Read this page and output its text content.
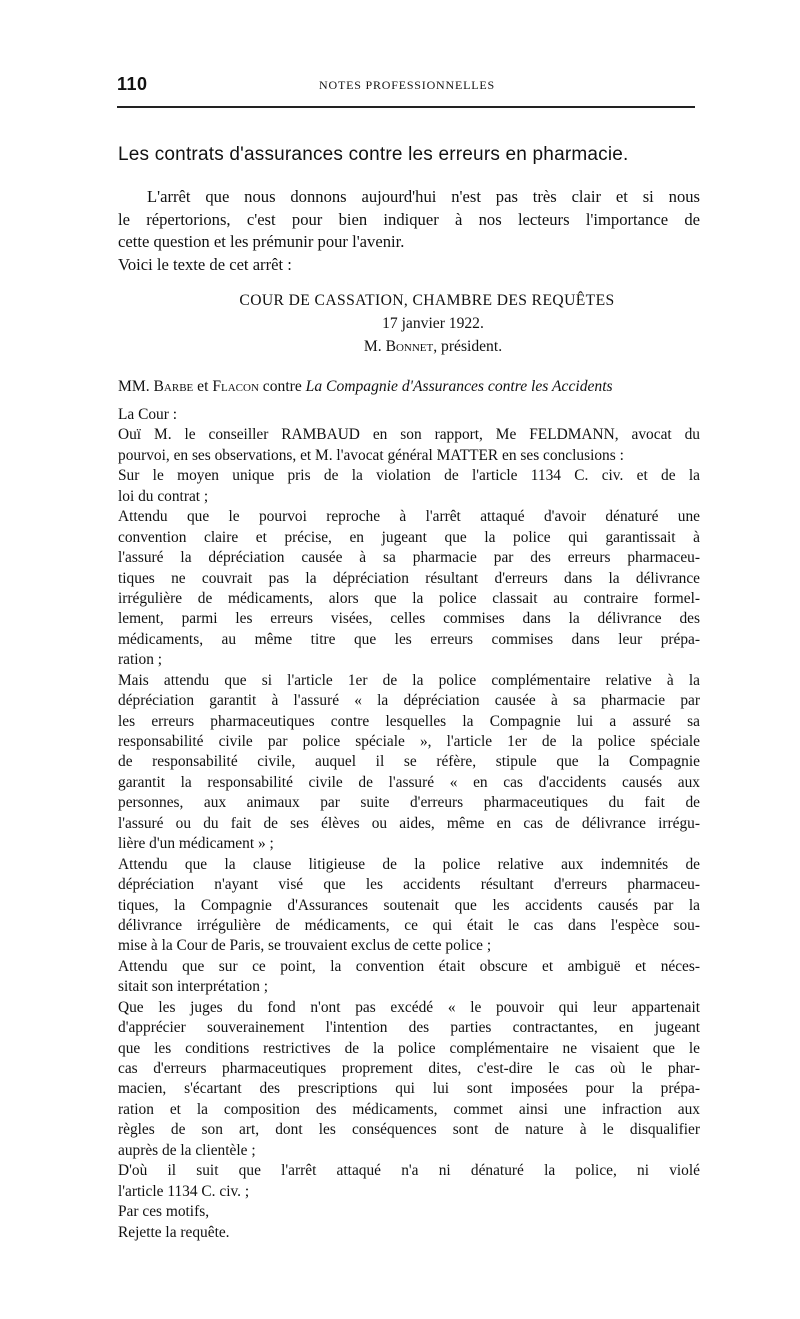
110	NOTES PROFESSIONNELLES
Les contrats d'assurances contre les erreurs en pharmacie.
L'arrêt que nous donnons aujourd'hui n'est pas très clair et si nous
le répertorions, c'est pour bien indiquer à nos lecteurs l'importance de
cette question et les prémunir pour l'avenir.
Voici le texte de cet arrêt :
COUR DE CASSATION, CHAMBRE DES REQUÊTES
17 janvier 1922.
M. Bonnet, président.
MM. Barbe et Flacon contre La Compagnie d'Assurances contre les Accidents
La Cour :
Ouï M. le conseiller RAMBAUD en son rapport, Me FELDMANN, avocat du
pourvoi, en ses observations, et M. l'avocat général MATTER en ses conclusions :
Sur le moyen unique pris de la violation de l'article 1134 C. civ. et de la
loi du contrat ;
Attendu que le pourvoi reproche à l'arrêt attaqué d'avoir dénaturé une
convention claire et précise, en jugeant que la police qui garantissait à
l'assuré la dépréciation causée à sa pharmacie par des erreurs pharmaceu-
tiques ne couvrait pas la dépréciation résultant d'erreurs dans la délivrance
irrégulière de médicaments, alors que la police classait au contraire formel-
lement, parmi les erreurs visées, celles commises dans la délivrance des
médicaments, au même titre que les erreurs commises dans leur prépa-
ration ;
Mais attendu que si l'article 1er de la police complémentaire relative à la
dépréciation garantit à l'assuré « la dépréciation causée à sa pharmacie par
les erreurs pharmaceutiques contre lesquelles la Compagnie lui a assuré sa
responsabilité civile par police spéciale », l'article 1er de la police spéciale
de responsabilité civile, auquel il se réfère, stipule que la Compagnie
garantit la responsabilité civile de l'assuré « en cas d'accidents causés aux
personnes, aux animaux par suite d'erreurs pharmaceutiques du fait de
l'assuré ou du fait de ses élèves ou aides, même en cas de délivrance irrégu-
lière d'un médicament » ;
Attendu que la clause litigieuse de la police relative aux indemnités de
dépréciation n'ayant visé que les accidents résultant d'erreurs pharmaceu-
tiques, la Compagnie d'Assurances soutenait que les accidents causés par la
délivrance irrégulière de médicaments, ce qui était le cas dans l'espèce sou-
mise à la Cour de Paris, se trouvaient exclus de cette police ;
Attendu que sur ce point, la convention était obscure et ambiguë et néces-
sitait son interprétation ;
Que les juges du fond n'ont pas excédé « le pouvoir qui leur appartenait
d'apprécier souverainement l'intention des parties contractantes, en jugeant
que les conditions restrictives de la police complémentaire ne visaient que le
cas d'erreurs pharmaceutiques proprement dites, c'est-dire le cas où le phar-
macien, s'écartant des prescriptions qui lui sont imposées pour la prépa-
ration et la composition des médicaments, commet ainsi une infraction aux
règles de son art, dont les conséquences sont de nature à le disqualifier
auprès de la clientèle ;
D'où il suit que l'arrêt attaqué n'a ni dénaturé la police, ni violé
l'article 1134 C. civ. ;
Par ces motifs,
Rejette la requête.
